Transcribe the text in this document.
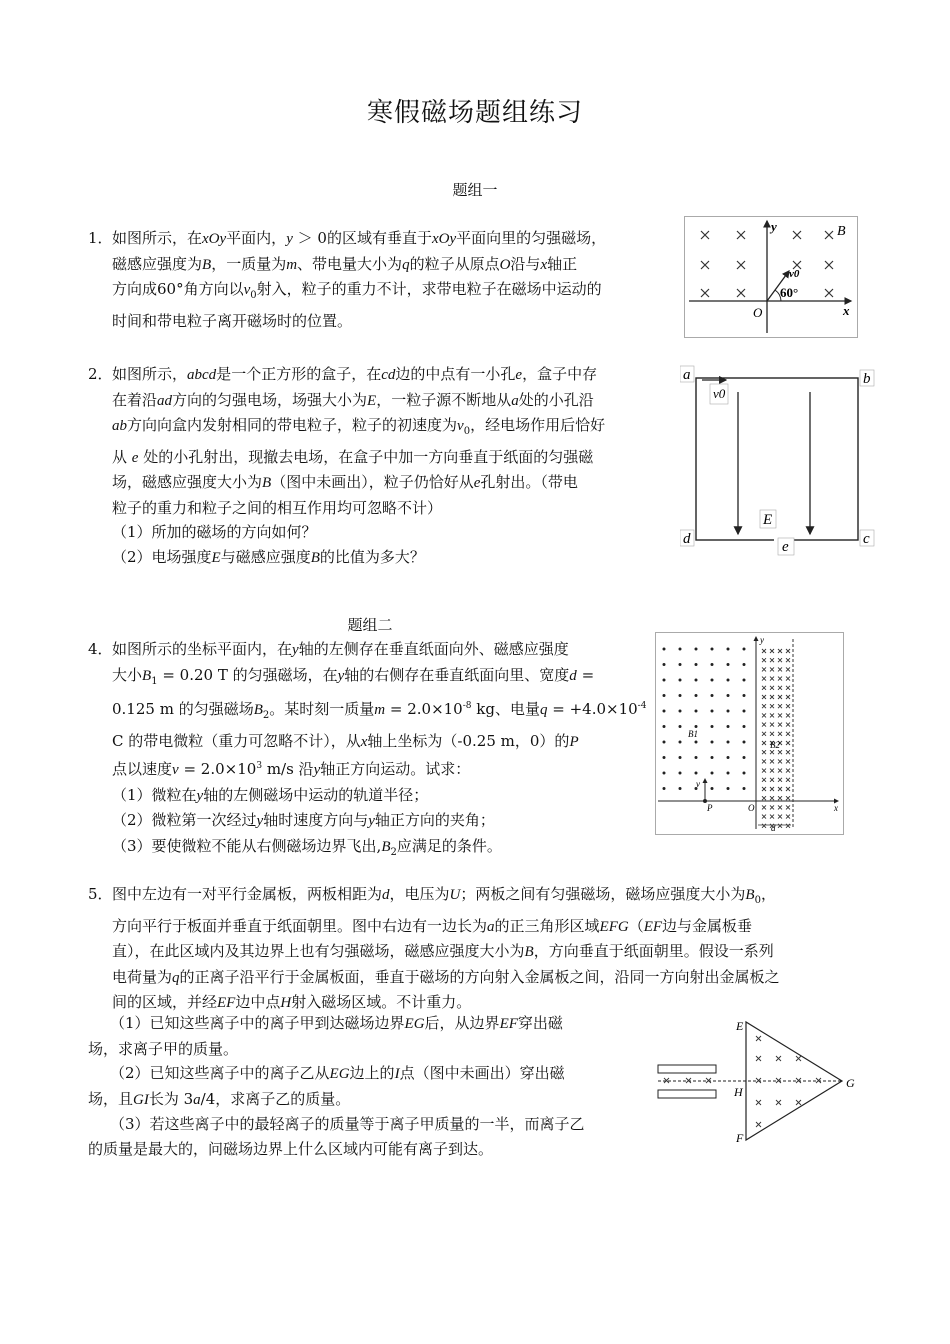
寒假磁场题组练习
题组一
1． 如图所示，在xOy平面内，y ＞ 0的区域有垂直于xOy平面向里的匀强磁场，
磁感应强度为B，一质量为m、带电量大小为q的粒子从原点O沿与x轴正
方向成60°角方向以$v_0$射入，粒子的重力不计，求带电粒子在磁场中运动的
时间和带电粒子离开磁场时的位置。
y	B
v0
60°
O	x
2． 如图所示，abcd是一个正方形的盒子，在cd边的中点有一小孔e，盒子中存
在着沿ad方向的匀强电场，场强大小为E，一粒子源不断地从a处的小孔沿
ab方向向盒内发射相同的带电粒子，粒子的初速度为$v_0$，经电场作用后恰好
从 e 处的小孔射出，现撤去电场，在盒子中加一方向垂直于纸面的匀强磁
场，磁感应强度大小为B（图中未画出），粒子仍恰好从e孔射出。（带电
粒子的重力和粒子之间的相互作用均可忽略不计）
（1）所加的磁场的方向如何？
（2）电场强度E与磁感应强度B的比值为多大？
a	b
c
d	e
E
v0
题组二
4． 如图所示的坐标平面内，在y轴的左侧存在垂直纸面向外、磁感应强度
大小$B_1 = 0.20$ T 的匀强磁场，在y轴的右侧存在垂直纸面向里、宽度d =
0.125 m 的匀强磁场$B_2$。某时刻一质量$m = 2.0\times 10^{-8}$ kg、电量$q = +4.0\times 10^{-4}$
C 的带电微粒（重力可忽略不计），从x轴上坐标为（-0.25 m，0）的P
点以速度$v = 2.0\times 10^3$ m/s 沿y轴正方向运动。试求：
（1）微粒在y轴的左侧磁场中运动的轨道半径；
（2）微粒第一次经过y轴时速度方向与y轴正方向的夹角；
（3）要使微粒不能从右侧磁场边界飞出$,B_2$应满足的条件。
y
B1
B2
v
P	O	x
d
5． 图中左边有一对平行金属板，两板相距为d，电压为U；两板之间有匀强磁场，磁场应强度大小为$B_0$，
方向平行于板面并垂直于纸面朝里。图中右边有一边长为a的正三角形区域EFG（EF边与金属板垂
直），在此区域内及其边界上也有匀强磁场，磁感应强度大小为B，方向垂直于纸面朝里。假设一系列
电荷量为q的正离子沿平行于金属板面，垂直于磁场的方向射入金属板之间，沿同一方向射出金属板之
间的区域，并经EF边中点H射入磁场区域。不计重力。
（1）已知这些离子中的离子甲到达磁场边界EG后，从边界EF穿出磁
场，求离子甲的质量。
（2）已知这些离子中的离子乙从EG边上的I点（图中未画出）穿出磁
场，且GI长为 3a/4，求离子乙的质量。
（3）若这些离子中的最轻离子的质量等于离子甲质量的一半，而离子乙
的质量是最大的，问磁场边界上什么区域内可能有离子到达。
E
F
G
H
